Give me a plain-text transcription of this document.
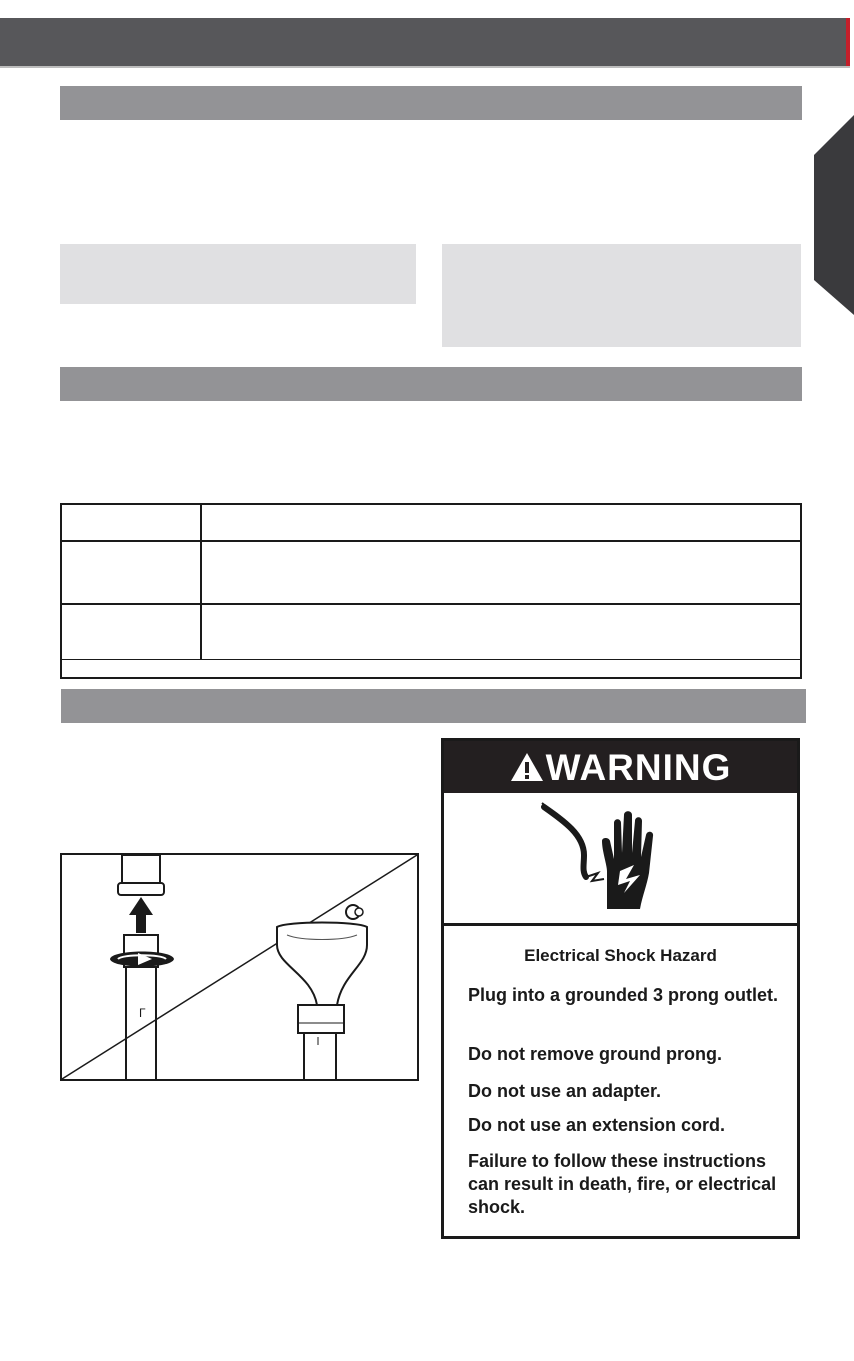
Γ
WARNING
Electrical Shock Hazard
Plug into a grounded 3 prong outlet.
Do not remove ground prong.
Do not use an adapter.
Do not use an extension cord.
Failure to follow these instructions can result in death, fire, or electrical shock.
